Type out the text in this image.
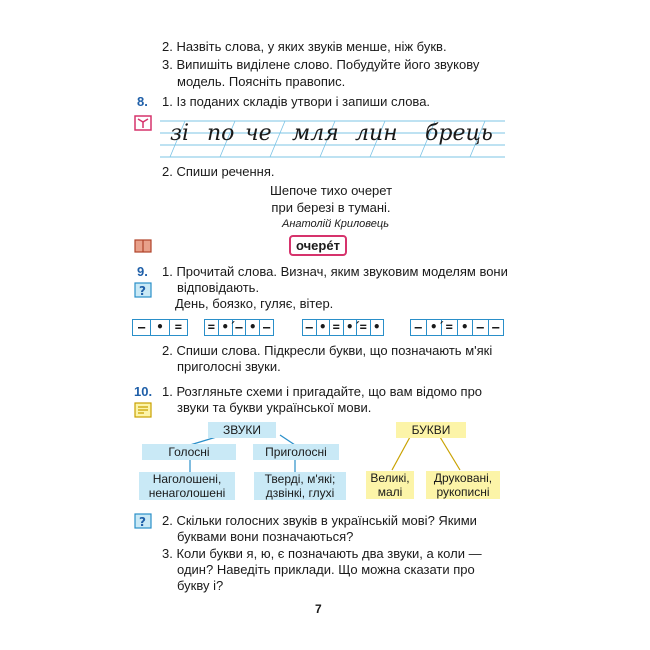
2. Назвіть слова, у яких звуків менше, ніж букв.
3. Випишіть виділене слово. Побудуйте його звукову
модель. Поясніть правопис.
8. 1. Із поданих складів утвори і запиши слова.
зі по че мля лин брець
2. Спиши речення.
Шепоче тихо очерет
при березі в тумані.
Анатолій Криловець
очерéт
9. 1. Прочитай слова. Визнач, яким звуковим моделям вони
відповідають.
?
День, боязко, гуляє, вітер.
– • =	= •́ – • –	– • = •́ = •	– •́ = • – –
2. Спиши слова. Підкресли букви, що позначають м'які
приголосні звуки.
10. 1. Розгляньте схеми і пригадайте, що вам відомо про
звуки та букви української мови.
ЗВУКИ
Голосні	Приголосні
Наголошені,
ненаголошені
Тверді, м'які;
дзвінкі, глухі
БУКВИ
Великі,
малі
Друковані,
рукописні
? 2. Скільки голосних звуків в українській мові? Якими
буквами вони позначаються?
3. Коли букви я, ю, є позначають два звуки, а коли —
один? Наведіть приклади. Що можна сказати про
букву і?
7
